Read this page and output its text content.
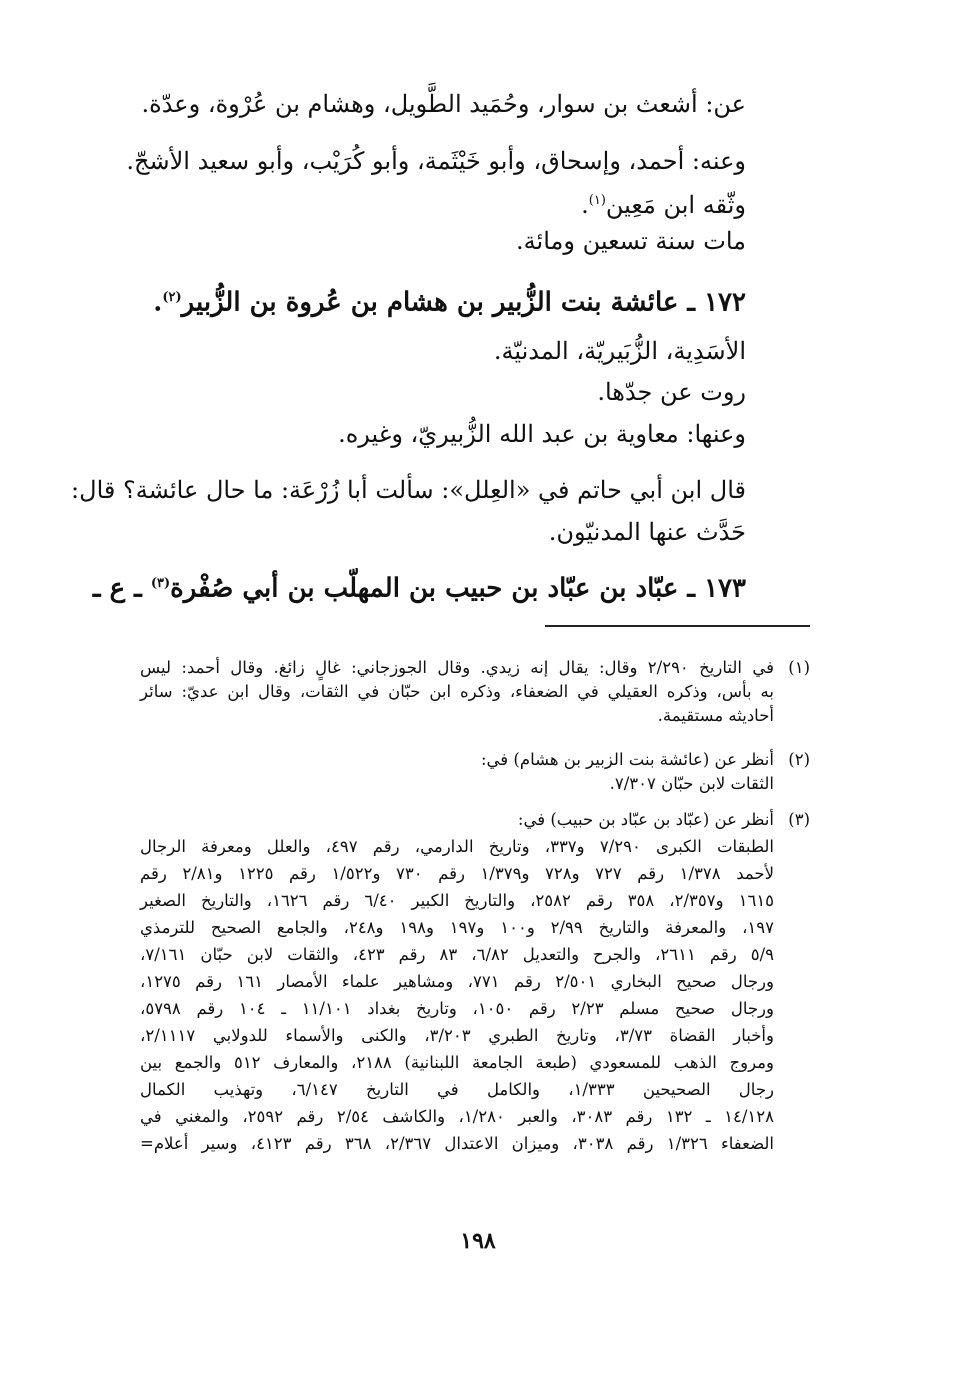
عن: أشعث بن سوار، وحُمَيد الطَّويل، وهشام بن عُرْوة، وعدّة.
وعنه: أحمد، وإسحاق، وأبو خَيْثَمة، وأبو كُرَيْب، وأبو سعيد الأشجّ.
وثّقه ابن مَعِين$^{(١)}$.
مات سنة تسعين ومائة.
١٧٢ ـ عائشة بنت الزُّبير بن هشام بن عُروة بن الزُّبير$^{(٢)}$.
الأسَدِية، الزُّبَيريّة، المدنيّة.
روت عن جدّها.
وعنها: معاوية بن عبد الله الزُّبيريّ، وغيره.
قال ابن أبي حاتم في «العِلل»: سألت أبا زُرْعَة: ما حال عائشة؟ قال:
حَدَّث عنها المدنيّون.
١٧٣ ـ عبّاد بن عبّاد بن حبيب بن المهلّب بن أبي صُفْرة$^{(٣)}$ ـ ع ـ
(١)
في التاريخ ٢/٢٩٠ وقال: يقال إنه زيدي. وقال الجوزجاني: غالٍ زائغ. وقال أحمد: ليس
به بأس، وذكره العقيلي في الضعفاء، وذكره ابن حبّان في الثقات، وقال ابن عديّ: سائر
أحاديثه مستقيمة.
(٢)
أنظر عن (عائشة بنت الزبير بن هشام) في:
الثقات لابن حبّان ٧/٣٠٧.
(٣)
أنظر عن (عبّاد بن عبّاد بن حبيب) في:
الطبقات الكبرى ٧/٢٩٠ و٣٣٧، وتاريخ الدارمي، رقم ٤٩٧، والعلل ومعرفة الرجال
لأحمد ١/٣٧٨ رقم ٧٢٧ و٧٢٨ و١/٣٧٩ رقم ٧٣٠ و١/٥٢٢ رقم ١٢٢٥ و٢/٨١ رقم
١٦١٥ و٢/٣٥٧، ٣٥٨ رقم ٢٥٨٢، والتاريخ الكبير ٦/٤٠ رقم ١٦٢٦، والتاريخ الصغير
١٩٧، والمعرفة والتاريخ ٢/٩٩ و١٠٠ و١٩٧ و١٩٨ و٢٤٨، والجامع الصحيح للترمذي
٥/٩ رقم ٢٦١١، والجرح والتعديل ٦/٨٢، ٨٣ رقم ٤٢٣، والثقات لابن حبّان ٧/١٦١،
ورجال صحيح البخاري ٢/٥٠١ رقم ٧٧١، ومشاهير علماء الأمصار ١٦١ رقم ١٢٧٥،
ورجال صحيح مسلم ٢/٢٣ رقم ١٠٥٠، وتاريخ بغداد ١١/١٠١ ـ ١٠٤ رقم ٥٧٩٨،
وأخبار القضاة ٣/٧٣، وتاريخ الطبري ٣/٢٠٣، والكنى والأسماء للدولابي ٢/١١١٧،
ومروج الذهب للمسعودي (طبعة الجامعة اللبنانية) ٢١٨٨، والمعارف ٥١٢ والجمع بين
رجال الصحيحين ١/٣٣٣، والكامل في التاريخ ٦/١٤٧، وتهذيب الكمال
١٤/١٢٨ ـ ١٣٢ رقم ٣٠٨٣، والعبر ١/٢٨٠، والكاشف ٢/٥٤ رقم ٢٥٩٢، والمغني في
الضعفاء ١/٣٢٦ رقم ٣٠٣٨، وميزان الاعتدال ٢/٣٦٧، ٣٦٨ رقم ٤١٢٣، وسير أعلام=
١٩٨
